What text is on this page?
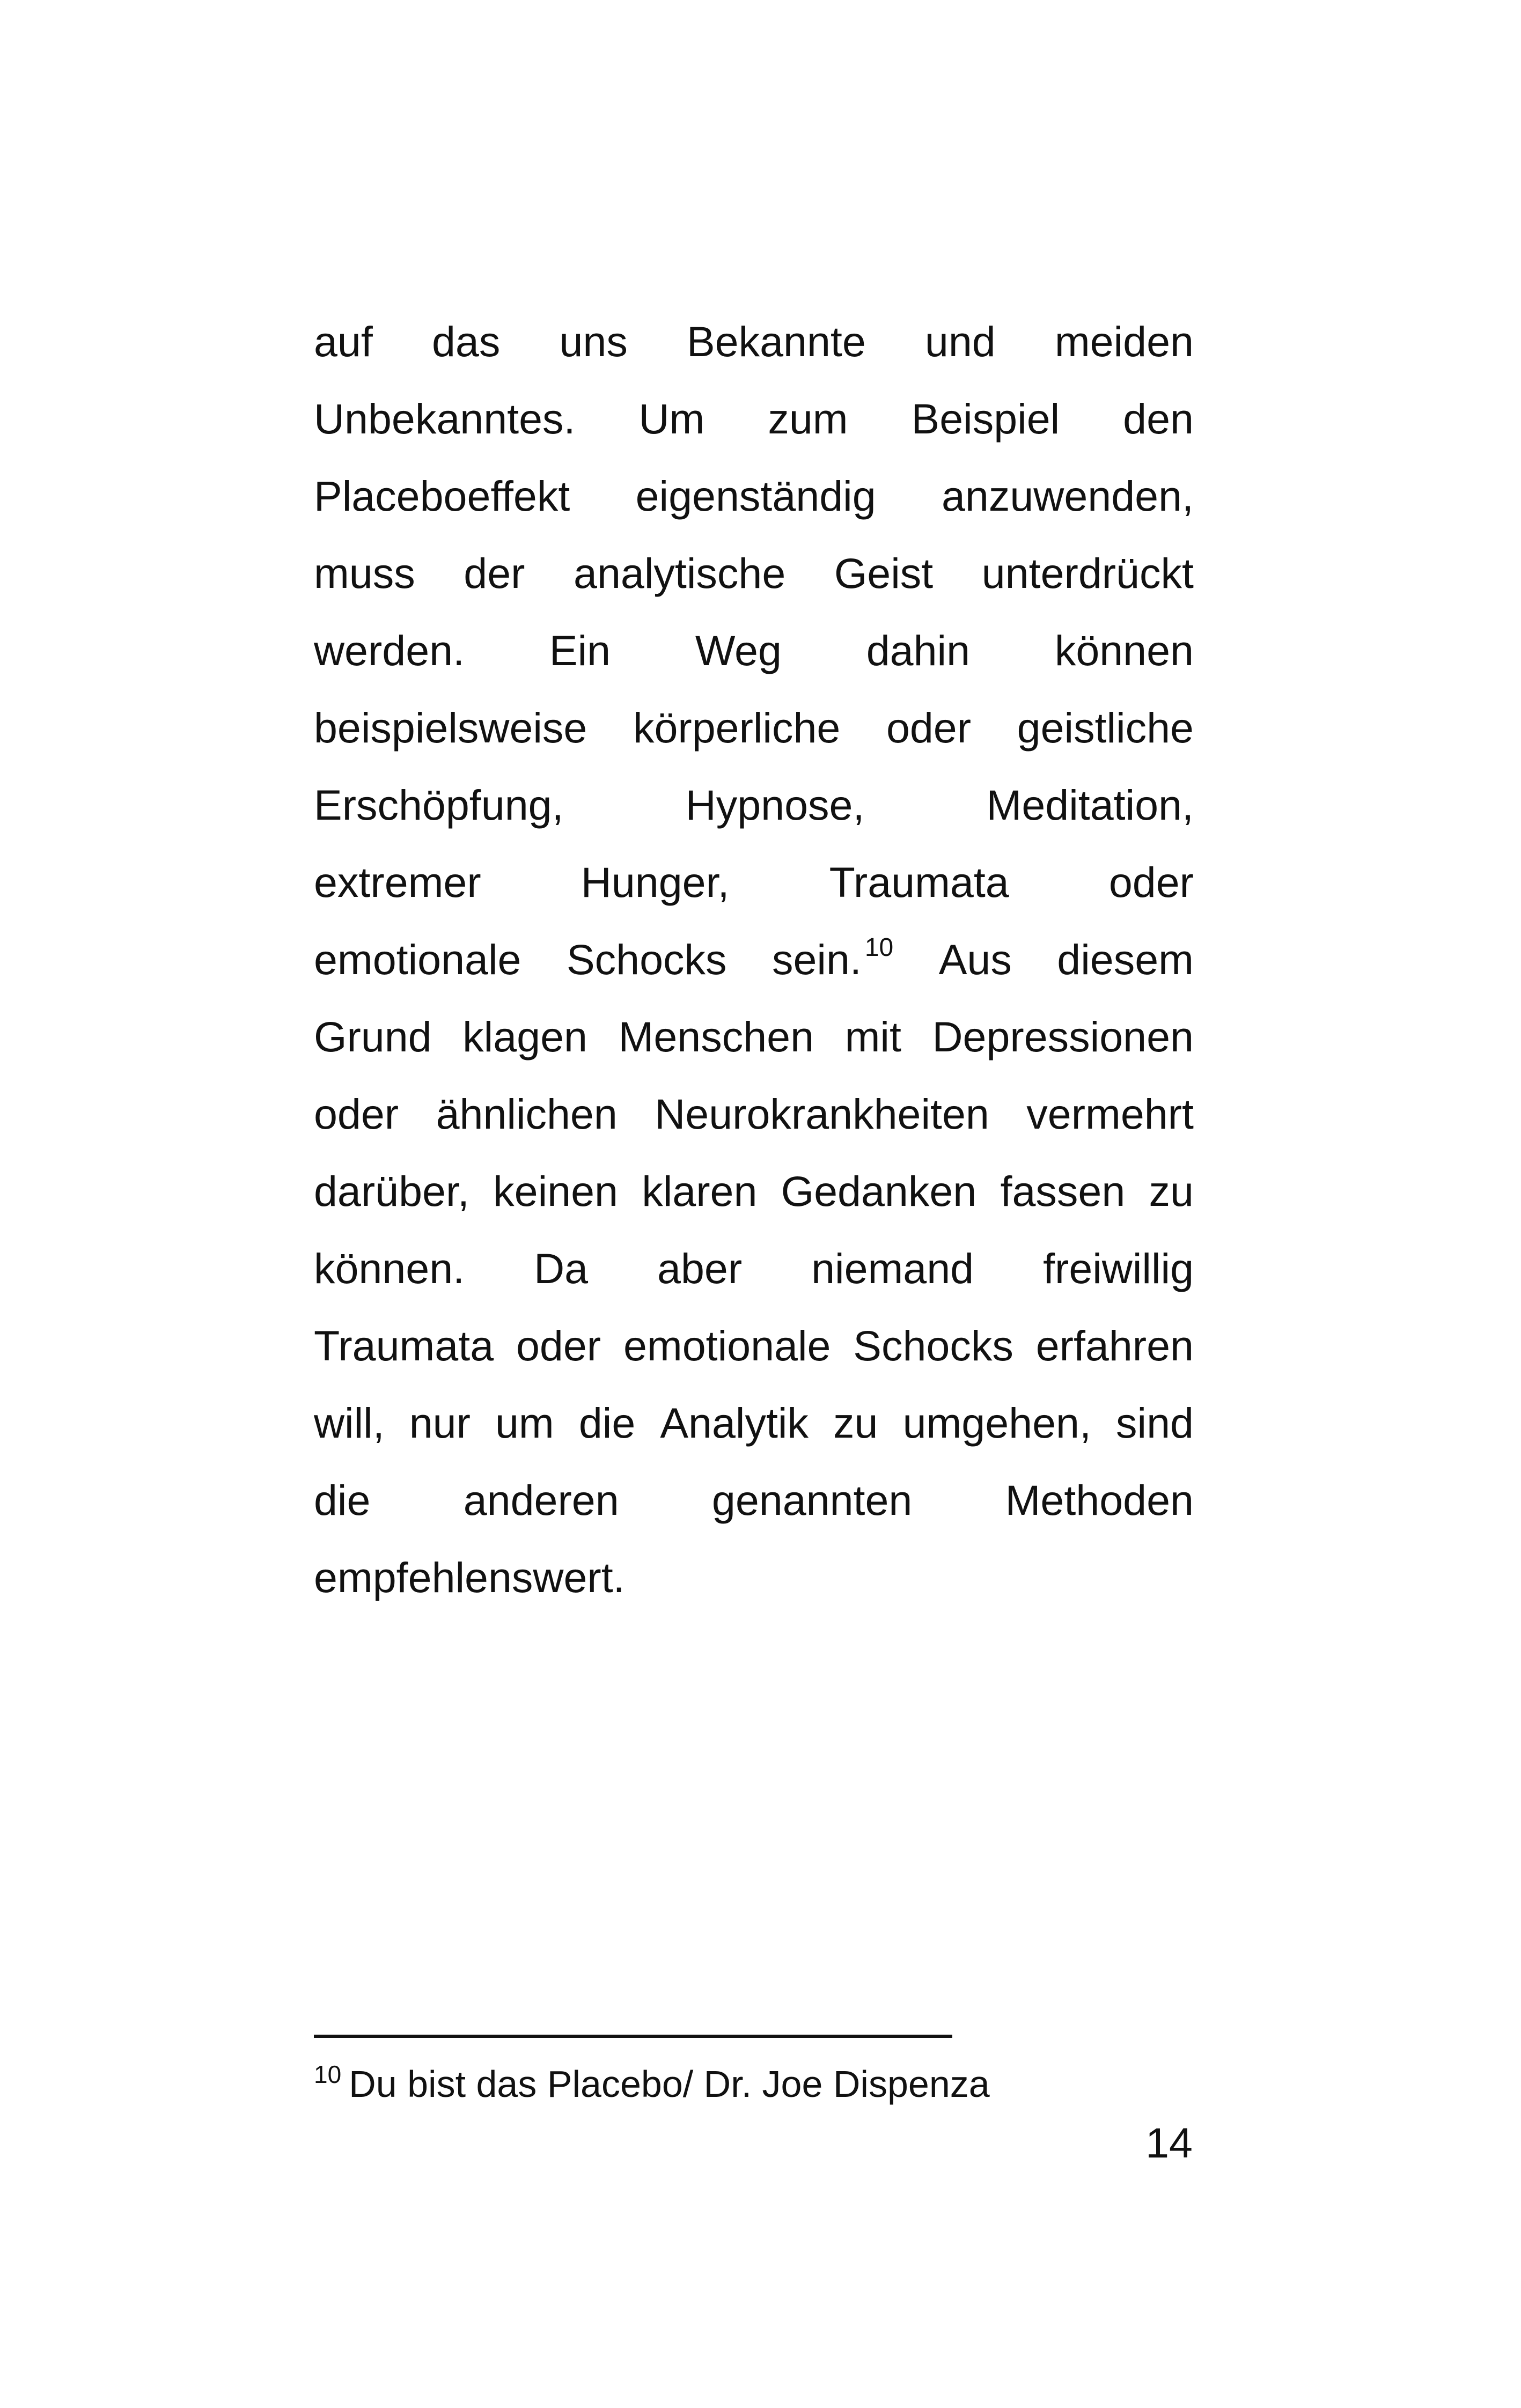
auf das uns Bekannte und meiden
Unbekanntes. Um zum Beispiel den
Placeboeffekt eigenständig anzuwenden,
muss der analytische Geist unterdrückt
werden. Ein Weg dahin können
beispielsweise körperliche oder geistliche
Erschöpfung,	Hypnose,	Meditation,
extremer Hunger, Traumata oder
emotionale Schocks sein. $^{10}$ Aus diesem
Grund klagen Menschen mit Depressionen
oder ähnlichen Neurokrankheiten vermehrt
darüber, keinen klaren Gedanken fassen zu
können. Da aber niemand freiwillig
Traumata oder emotionale Schocks erfahren
will, nur um die Analytik zu umgehen, sind
die anderen genannten Methoden
empfehlenswert.
$^{10}$ Du bist das Placebo/ Dr. Joe Dispenza
14
